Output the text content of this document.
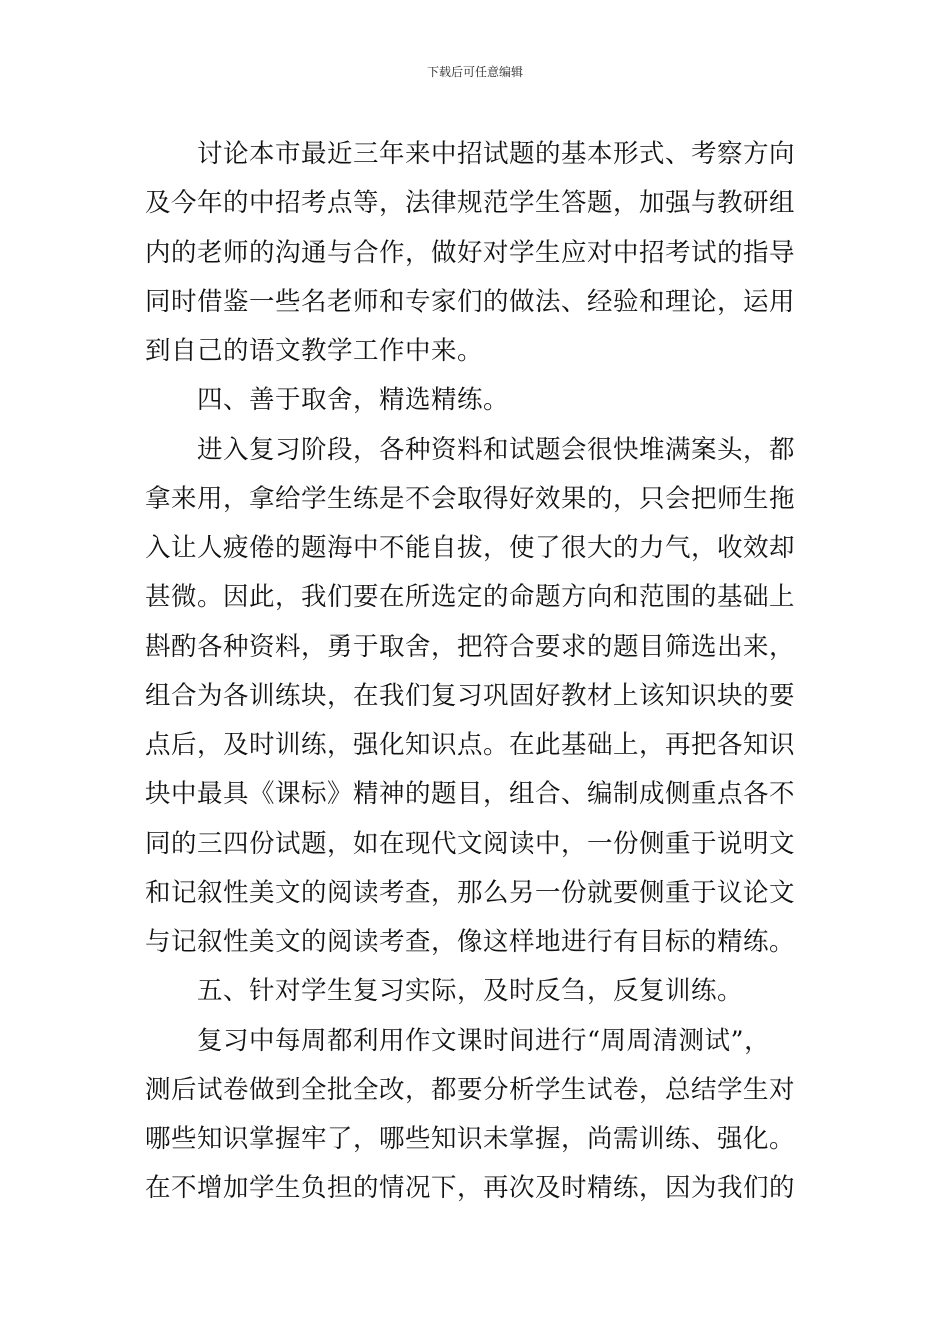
下载后可任意编辑
讨论本市最近三年来中招试题的基本形式、考察方向
及今年的中招考点等，法律规范学生答题，加强与教研组
内的老师的沟通与合作，做好对学生应对中招考试的指导
同时借鉴一些名老师和专家们的做法、经验和理论，运用
到自己的语文教学工作中来。
四、善于取舍，精选精练。
进入复习阶段，各种资料和试题会很快堆满案头，都
拿来用，拿给学生练是不会取得好效果的，只会把师生拖
入让人疲倦的题海中不能自拔，使了很大的力气，收效却
甚微。因此，我们要在所选定的命题方向和范围的基础上
斟酌各种资料，勇于取舍，把符合要求的题目筛选出来，
组合为各训练块，在我们复习巩固好教材上该知识块的要
点后，及时训练，强化知识点。在此基础上，再把各知识
块中最具《课标》精神的题目，组合、编制成侧重点各不
同的三四份试题，如在现代文阅读中，一份侧重于说明文
和记叙性美文的阅读考查，那么另一份就要侧重于议论文
与记叙性美文的阅读考查，像这样地进行有目标的精练。
五、针对学生复习实际，及时反刍，反复训练。
复习中每周都利用作文课时间进行“周周清测试”，
测后试卷做到全批全改，都要分析学生试卷，总结学生对
哪些知识掌握牢了，哪些知识未掌握，尚需训练、强化。
在不增加学生负担的情况下，再次及时精练，因为我们的
